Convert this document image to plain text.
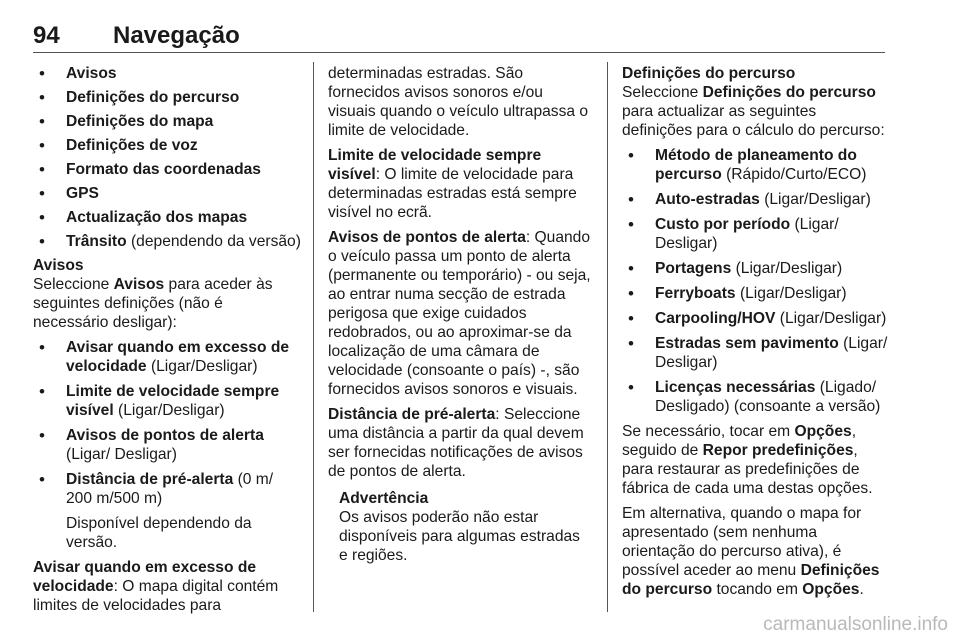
94 Navegação
• Avisos
• Definições do percurso
• Definições do mapa
• Definições de voz
• Formato das coordenadas
• GPS
• Actualização dos mapas
• Trânsito (dependendo da versão)

Avisos

Seleccione Avisos para aceder às seguintes definições (não é necessário desligar):

• Avisar quando em excesso de velocidade (Ligar/Desligar)
• Limite de velocidade sempre visível (Ligar/Desligar)
• Avisos de pontos de alerta (Ligar/ Desligar)
• Distância de pré-alerta (0 m/ 200 m/500 m)

Disponível dependendo da versão.

Avisar quando em excesso de velocidade: O mapa digital contém limites de velocidades para

determinadas estradas. São fornecidos avisos sonoros e/ou visuais quando o veículo ultrapassa o limite de velocidade.

Limite de velocidade sempre visível: O limite de velocidade para determinadas estradas está sempre visível no ecrã.

Avisos de pontos de alerta: Quando o veículo passa um ponto de alerta (permanente ou temporário) - ou seja, ao entrar numa secção de estrada perigosa que exige cuidados redobrados, ou ao aproximar-se da localização de uma câmara de velocidade (consoante o país) -, são fornecidos avisos sonoros e visuais.

Distância de pré-alerta: Seleccione uma distância a partir da qual devem ser fornecidas notificações de avisos de pontos de alerta.

Advertência

Os avisos poderão não estar disponíveis para algumas estradas e regiões.

Definições do percurso

Seleccione Definições do percurso para actualizar as seguintes definições para o cálculo do percurso:

• Método de planeamento do percurso (Rápido/Curto/ECO)
• Auto-estradas (Ligar/Desligar)
• Custo por período (Ligar/ Desligar)
• Portagens (Ligar/Desligar)
• Ferryboats (Ligar/Desligar)
• Carpooling/HOV (Ligar/Desligar)
• Estradas sem pavimento (Ligar/ Desligar)
• Licenças necessárias (Ligado/ Desligado) (consoante a versão)

Se necessário, tocar em Opções, seguido de Repor predefinições, para restaurar as predefinições de fábrica de cada uma destas opções.

Em alternativa, quando o mapa for apresentado (sem nenhuma orientação do percurso ativa), é possível aceder ao menu Definições do percurso tocando em Opções.

carmanualsonline.info
